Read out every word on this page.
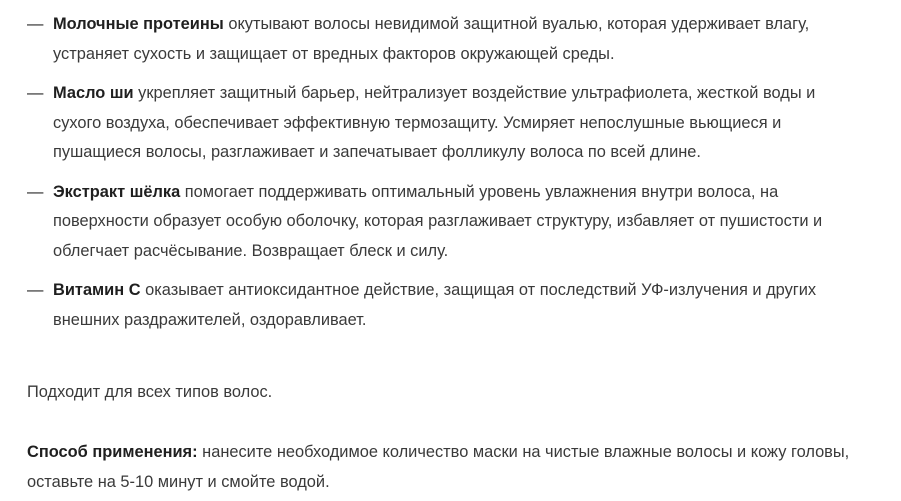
— Молочные протеины окутывают волосы невидимой защитной вуалью, которая удерживает влагу, устраняет сухость и защищает от вредных факторов окружающей среды.
— Масло ши укрепляет защитный барьер, нейтрализует воздействие ультрафиолета, жесткой воды и сухого воздуха, обеспечивает эффективную термозащиту. Усмиряет непослушные вьющиеся и пушащиеся волосы, разглаживает и запечатывает фолликулу волоса по всей длине.
— Экстракт шёлка помогает поддерживать оптимальный уровень увлажнения внутри волоса, на поверхности образует особую оболочку, которая разглаживает структуру, избавляет от пушистости и облегчает расчёсывание. Возвращает блеск и силу.
— Витамин С оказывает антиоксидантное действие, защищая от последствий УФ-излучения и других внешних раздражителей, оздоравливает.

Подходит для всех типов волос.

Способ применения: нанесите необходимое количество маски на чистые влажные волосы и кожу головы, оставьте на 5-10 минут и смойте водой.
